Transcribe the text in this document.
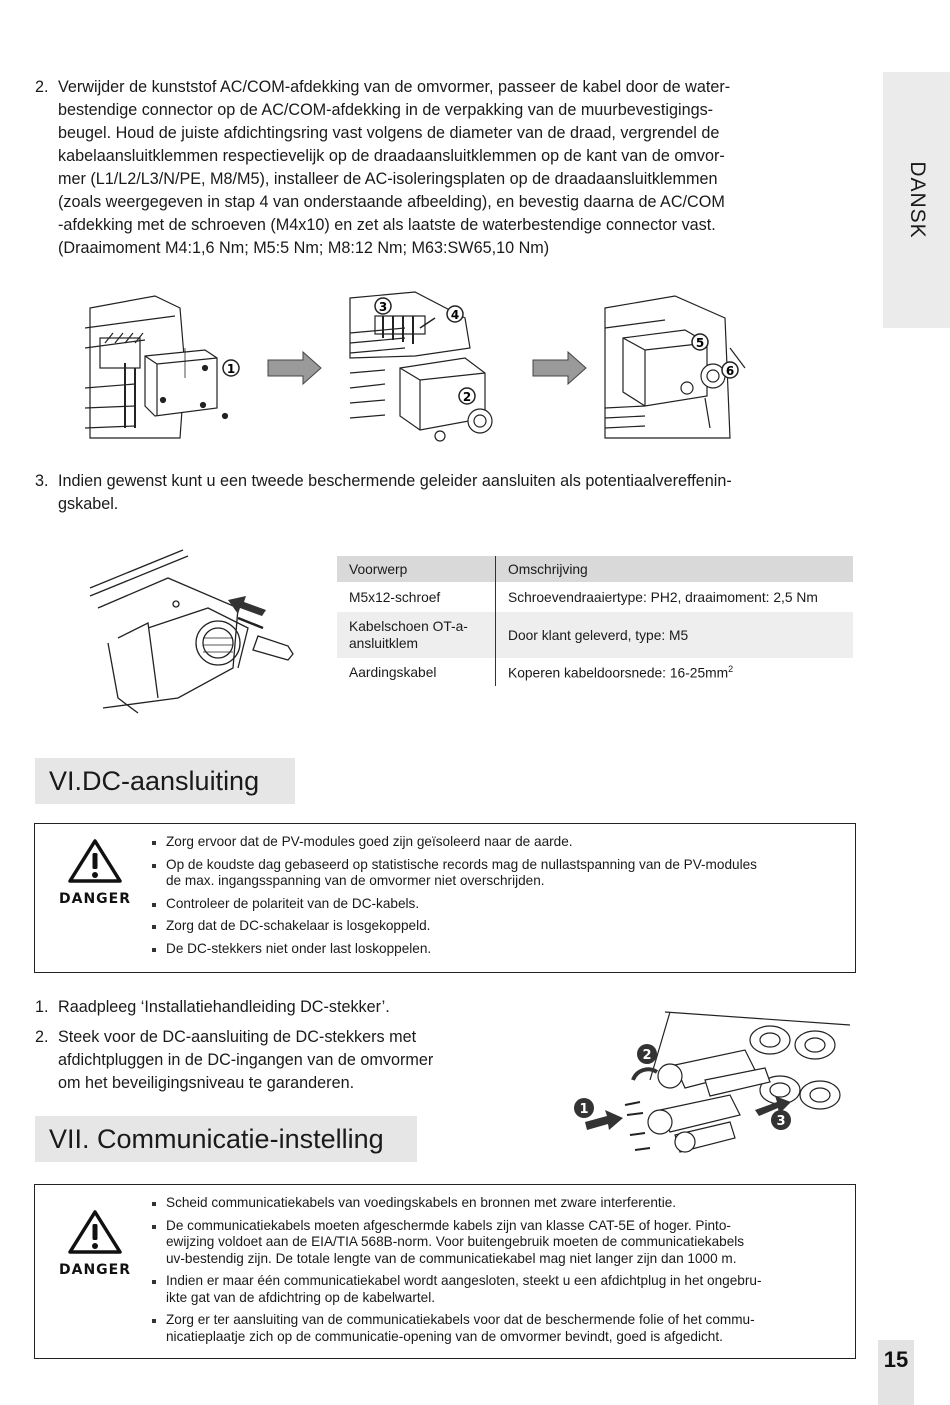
DANSK
2. Verwijder de kunststof AC/COM-afdekking van de omvormer, passeer de kabel door de water-
bestendige connector op de AC/COM-afdekking in de verpakking van de muurbevestigings-
beugel. Houd de juiste afdichtingsring vast volgens de diameter van de draad, vergrendel de
kabelaansluitklemmen respectievelijk op de draadaansluitklemmen op de kant van de omvor-
mer (L1/L2/L3/N/PE, M8/M5), installeer de AC-isoleringsplaten op de draadaansluitklemmen
(zoals weergegeven in stap 4 van onderstaande afbeelding), en bevestig daarna de AC/COM
-afdekking met de schroeven (M4x10) en zet als laatste de waterbestendige connector vast.
(Draaimoment M4:1,6 Nm; M5:5 Nm; M8:12 Nm; M63:SW65,10 Nm)
1
3
4
2
5
6
3. Indien gewenst kunt u een tweede beschermende geleider aansluiten als potentiaalvereffenin-
gskabel.
Voorwerp	Omschrijving
M5x12-schroef	Schroevendraaiertype: PH2, draaimoment: 2,5 Nm
Kabelschoen OT-a-
ansluitklem	Door klant geleverd, type: M5
Aardingskabel	Koperen kabeldoorsnede: $16-25mm^2$
VI.DC-aansluiting
DANGER
Zorg ervoor dat de PV-modules goed zijn geïsoleerd naar de aarde.
Op de koudste dag gebaseerd op statistische records mag de nullastspanning van de PV-modules
de max. ingangsspanning van de omvormer niet overschrijden.
Controleer de polariteit van de DC-kabels.
Zorg dat de DC-schakelaar is losgekoppeld.
De DC-stekkers niet onder last loskoppelen.
1. Raadpleeg ‘Installatiehandleiding DC-stekker’.
2. Steek voor de DC-aansluiting de DC-stekkers met
afdichtpluggen in de DC-ingangen van de omvormer
om het beveiligingsniveau te garanderen.
2
1
3
VII. Communicatie-instelling
DANGER
Scheid communicatiekabels van voedingskabels en bronnen met zware interferentie.
De communicatiekabels moeten afgeschermde kabels zijn van klasse CAT-5E of hoger. Pinto-
ewijzing voldoet aan de EIA/TIA 568B-norm. Voor buitengebruik moeten de communicatiekabels
uv-bestendig zijn. De totale lengte van de communicatiekabel mag niet langer zijn dan 1000 m.
Indien er maar één communicatiekabel wordt aangesloten, steekt u een afdichtplug in het ongebru-
ikte gat van de afdichtring op de kabelwartel.
Zorg er ter aansluiting van de communicatiekabels voor dat de beschermende folie of het commu-
nicatieplaatje zich op de communicatie-opening van de omvormer bevindt, goed is afgedicht.
15
